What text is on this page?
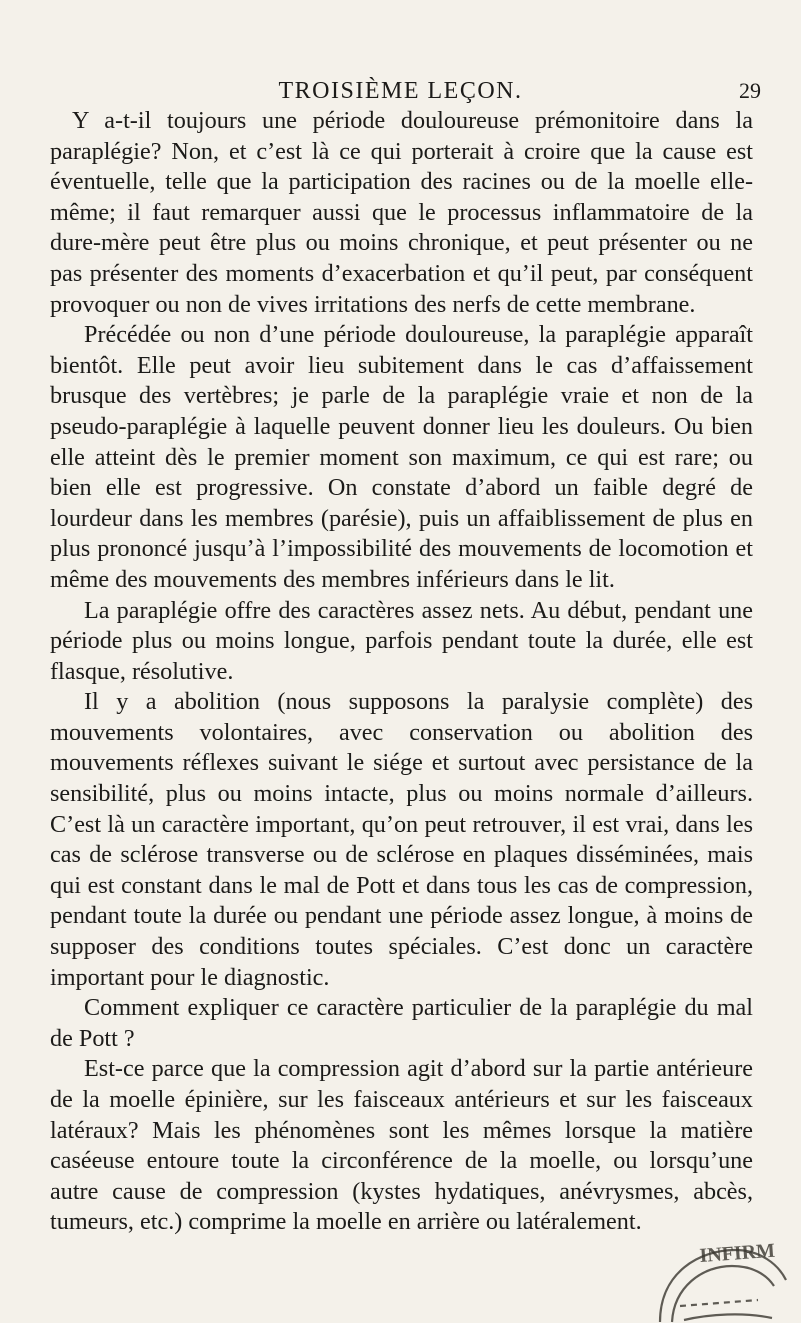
TROISIÈME LEÇON.	29

Y a-t-il toujours une période douloureuse prémonitoire dans la paraplégie? Non, et c’est là ce qui porterait à croire que la cause est éventuelle, telle que la participation des racines ou de la moelle elle-même; il faut remarquer aussi que le processus inflammatoire de la dure-mère peut être plus ou moins chronique, et peut présenter ou ne pas présenter des moments d’exacerbation et qu’il peut, par conséquent provoquer ou non de vives irritations des nerfs de cette membrane.

Précédée ou non d’une période douloureuse, la paraplégie apparaît bientôt. Elle peut avoir lieu subitement dans le cas d’affaissement brusque des vertèbres; je parle de la paraplégie vraie et non de la pseudo-paraplégie à laquelle peuvent donner lieu les douleurs. Ou bien elle atteint dès le premier moment son maximum, ce qui est rare; ou bien elle est progressive. On constate d’abord un faible degré de lourdeur dans les membres (parésie), puis un affaiblissement de plus en plus prononcé jusqu’à l’impossibilité des mouvements de locomotion et même des mouvements des membres inférieurs dans le lit.

La paraplégie offre des caractères assez nets. Au début, pendant une période plus ou moins longue, parfois pendant toute la durée, elle est flasque, résolutive.

Il y a abolition (nous supposons la paralysie complète) des mouvements volontaires, avec conservation ou abolition des mouvements réflexes suivant le siége et surtout avec persistance de la sensibilité, plus ou moins intacte, plus ou moins normale d’ailleurs. C’est là un caractère important, qu’on peut retrouver, il est vrai, dans les cas de sclérose transverse ou de sclérose en plaques disséminées, mais qui est constant dans le mal de Pott et dans tous les cas de compression, pendant toute la durée ou pendant une période assez longue, à moins de supposer des conditions toutes spéciales. C’est donc un caractère important pour le diagnostic.

Comment expliquer ce caractère particulier de la paraplégie du mal de Pott ?

Est-ce parce que la compression agit d’abord sur la partie antérieure de la moelle épinière, sur les faisceaux antérieurs et sur les faisceaux latéraux? Mais les phénomènes sont les mêmes lorsque la matière caséeuse entoure toute la circonférence de la moelle, ou lorsqu’une autre cause de compression (kystes hydatiques, anévrysmes, abcès, tumeurs, etc.) comprime la moelle en arrière ou latéralement.

INFIRM
